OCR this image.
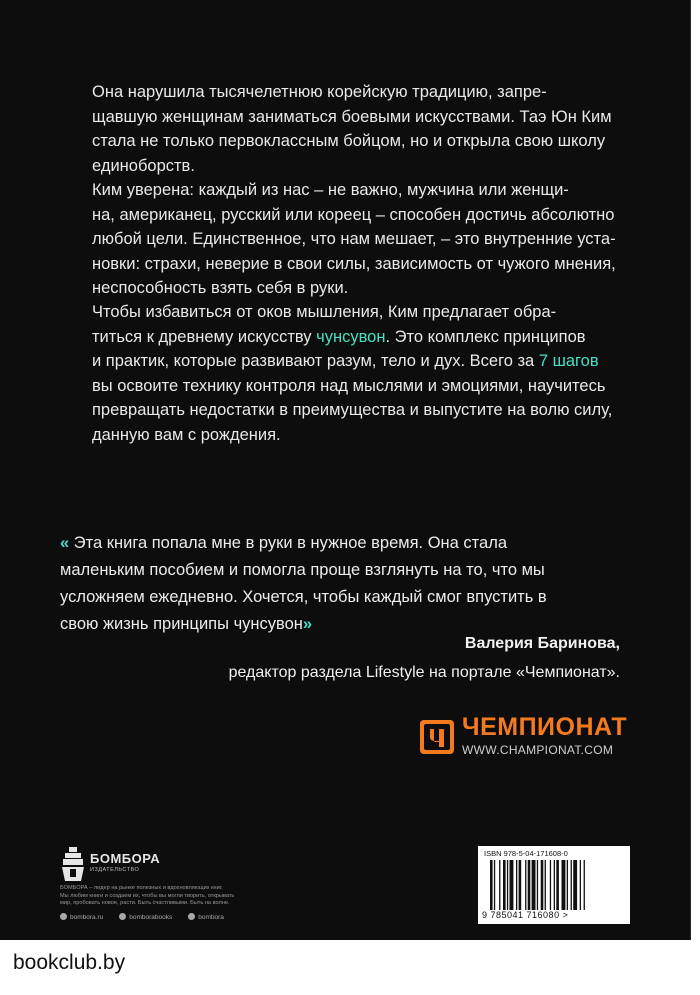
Она нарушила тысячелетнюю корейскую традицию, запре-
щавшую женщинам заниматься боевыми искусствами. Таэ Юн Ким
стала не только первоклассным бойцом, но и открыла свою школу
единоборств.
Ким уверена: каждый из нас – не важно, мужчина или женщи-
на, американец, русский или кореец – способен достичь абсолютно
любой цели. Единственное, что нам мешает, – это внутренние уста-
новки: страхи, неверие в свои силы, зависимость от чужого мнения,
неспособность взять себя в руки.
Чтобы избавиться от оков мышления, Ким предлагает обра-
титься к древнему искусству чунсувон. Это комплекс принципов
и практик, которые развивают разум, тело и дух. Всего за 7 шагов
вы освоите технику контроля над мыслями и эмоциями, научитесь
превращать недостатки в преимущества и выпустите на волю силу,
данную вам с рождения.
« Эта книга попала мне в руки в нужное время. Она стала
маленьким пособием и помогла проще взглянуть на то, что мы
усложняем ежедневно. Хочется, чтобы каждый смог впустить в
свою жизнь принципы чунсувон»
Валерия Баринова,
редактор раздела Lifestyle на портале «Чемпионат».
ЧЕМПИОНАТ
WWW.CHAMPIONAT.COM
БОМБОРА
ИЗДАТЕЛЬСТВО
БОМБОРА – лидер на рынке полезных и вдохновляющих книг.
Мы любим книги и создаем их, чтобы вы могли творить, открывать
мир, пробовать новое, расти. Быть счастливыми. Быть на волне.
bombora.ru	bomborabooks	bombora
ISBN 978-5-04-171608-0
9 785041 716080 >
bookclub.by
